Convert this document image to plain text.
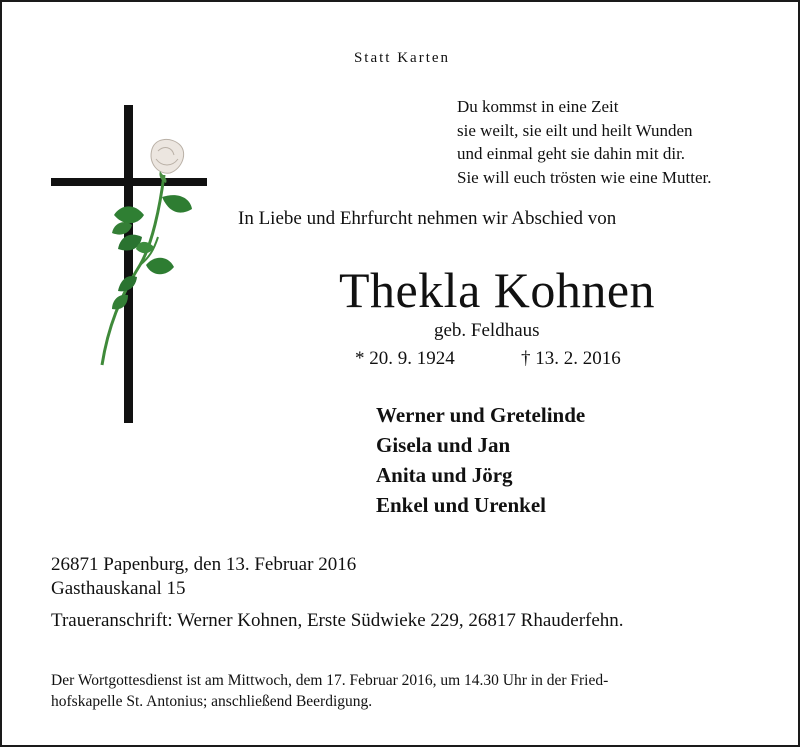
Statt Karten
Du kommst in eine Zeit
sie weilt, sie eilt und heilt Wunden
und einmal geht sie dahin mit dir.
Sie will euch trösten wie eine Mutter.
In Liebe und Ehrfurcht nehmen wir Abschied von
Thekla Kohnen
geb. Feldhaus
* 20. 9. 1924	† 13. 2. 2016
Werner und Gretelinde
Gisela und Jan
Anita und Jörg
Enkel und Urenkel
26871 Papenburg, den 13. Februar 2016
Gasthauskanal 15
Traueranschrift: Werner Kohnen, Erste Südwieke 229, 26817 Rhauderfehn.
Der Wortgottesdienst ist am Mittwoch, dem 17. Februar 2016, um 14.30 Uhr in der Fried-
hofskapelle St. Antonius; anschließend Beerdigung.
